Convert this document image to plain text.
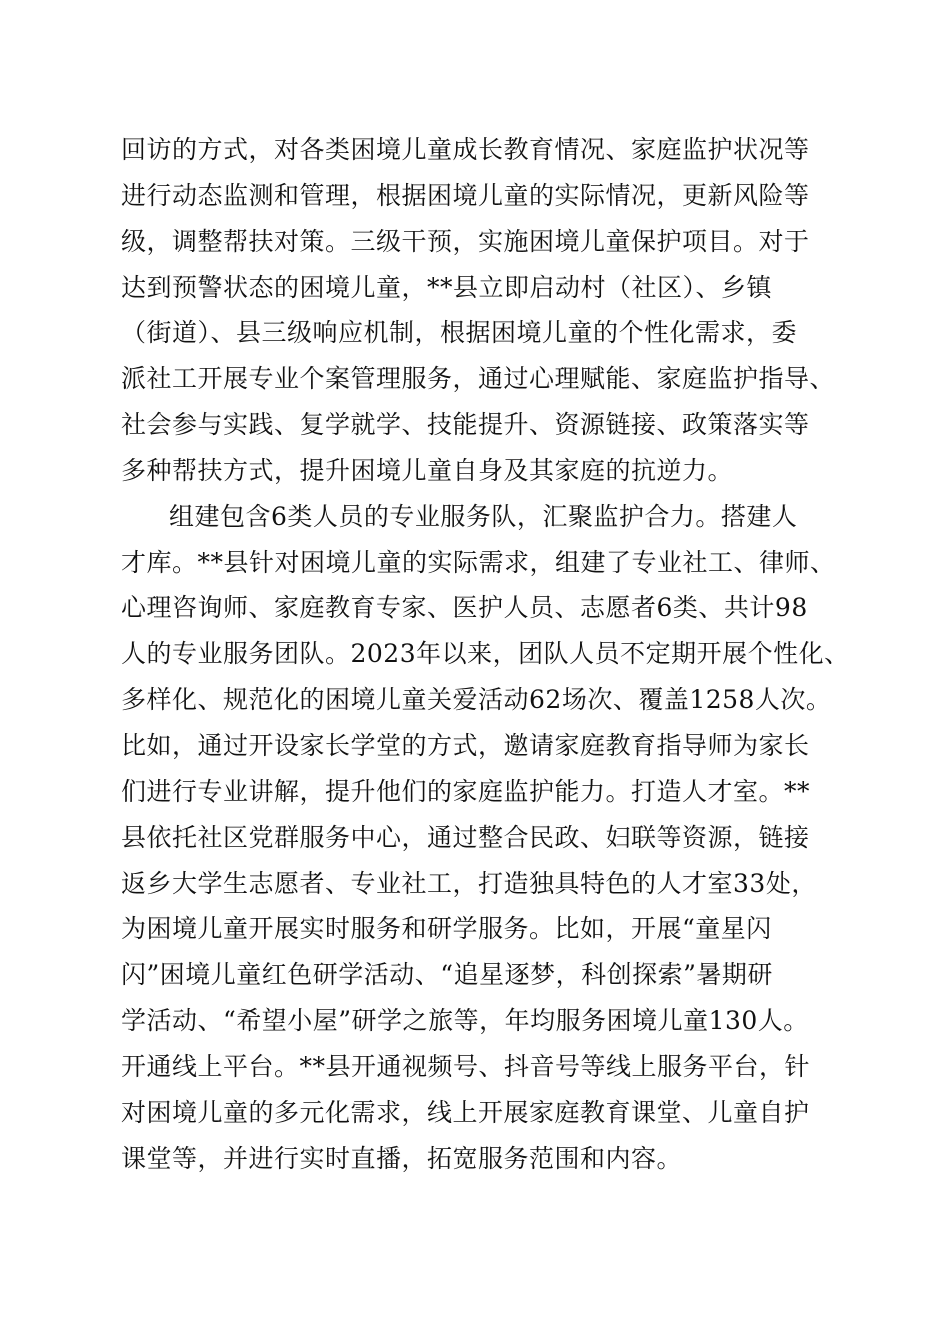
回访的方式，对各类困境儿童成长教育情况、家庭监护状况等
进行动态监测和管理，根据困境儿童的实际情况，更新风险等
级，调整帮扶对策。三级干预，实施困境儿童保护项目。对于
达到预警状态的困境儿童，**县立即启动村（社区）、乡镇
（街道）、县三级响应机制，根据困境儿童的个性化需求，委
派社工开展专业个案管理服务，通过心理赋能、家庭监护指导、
社会参与实践、复学就学、技能提升、资源链接、政策落实等
多种帮扶方式，提升困境儿童自身及其家庭的抗逆力。
组建包含6类人员的专业服务队，汇聚监护合力。搭建人
才库。**县针对困境儿童的实际需求，组建了专业社工、律师、
心理咨询师、家庭教育专家、医护人员、志愿者6类、共计98
人的专业服务团队。2023年以来，团队人员不定期开展个性化、
多样化、规范化的困境儿童关爱活动62场次、覆盖1258人次。
比如，通过开设家长学堂的方式，邀请家庭教育指导师为家长
们进行专业讲解，提升他们的家庭监护能力。打造人才室。**
县依托社区党群服务中心，通过整合民政、妇联等资源，链接
返乡大学生志愿者、专业社工，打造独具特色的人才室33处，
为困境儿童开展实时服务和研学服务。比如，开展“童星闪
闪”困境儿童红色研学活动、“追星逐梦，科创探索”暑期研
学活动、“希望小屋”研学之旅等，年均服务困境儿童130人。
开通线上平台。**县开通视频号、抖音号等线上服务平台，针
对困境儿童的多元化需求，线上开展家庭教育课堂、儿童自护
课堂等，并进行实时直播，拓宽服务范围和内容。
